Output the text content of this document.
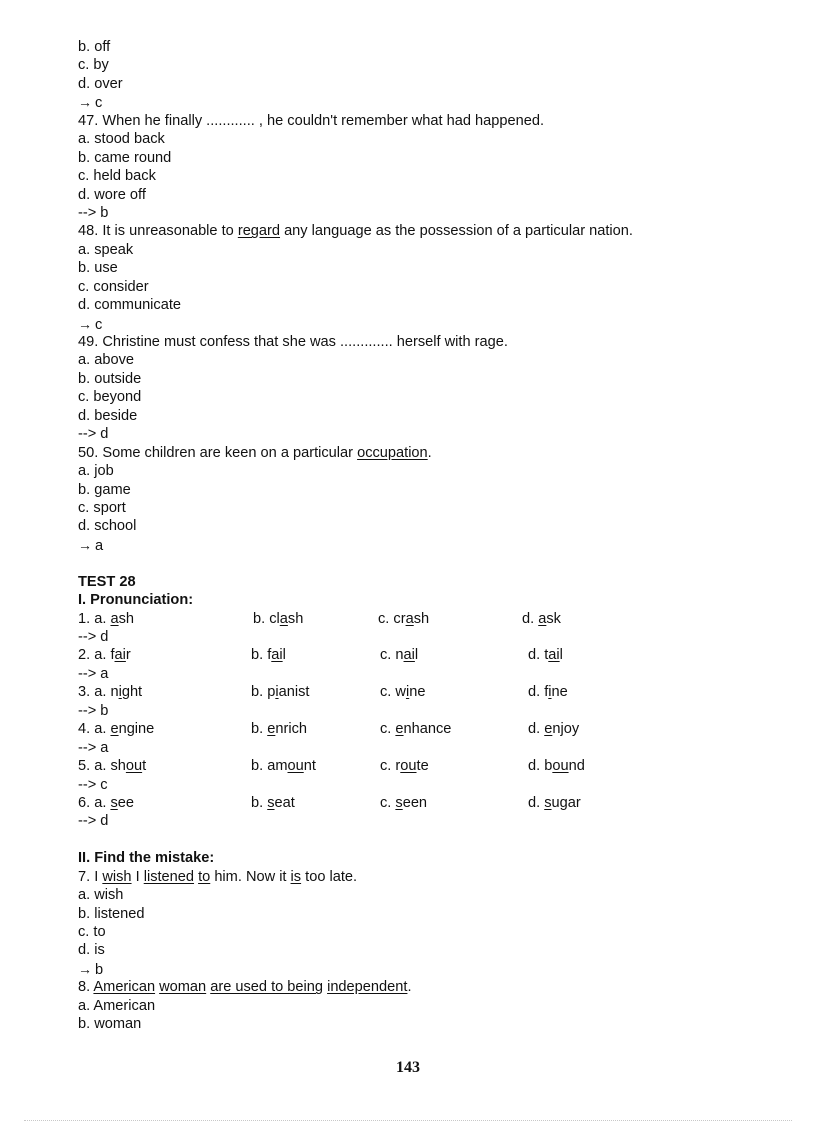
b. off
c. by
d. over
→ c
47. When he finally ............ , he couldn't remember what had happened.
a. stood back
b. came round
c. held back
d. wore off
--> b
48. It is unreasonable to regard any language as the possession of a particular nation.
a. speak
b. use
c. consider
d. communicate
→ c
49. Christine must confess that she was ............. herself with rage.
a. above
b. outside
c. beyond
d. beside
--> d
50. Some children are keen on a particular occupation.
a. job
b. game
c. sport
d. school
→ a
TEST 28
I. Pronunciation:
1. a. ash	b. clash	c. crash	d. ask
--> d
2. a. fair	b. fail	c. nail	d. tail
--> a
3. a. night	b. pianist	c. wine	d. fine
--> b
4. a. engine	b. enrich	c. enhance	d. enjoy
--> a
5. a. shout	b. amount	c. route	d. bound
--> c
6. a. see	b. seat	c. seen	d. sugar
--> d
II. Find the mistake:
7. I wish I listened to him. Now it is too late.
a. wish
b. listened
c. to
d. is
→ b
8. American woman are used to being independent.
a. American
b. woman
143
